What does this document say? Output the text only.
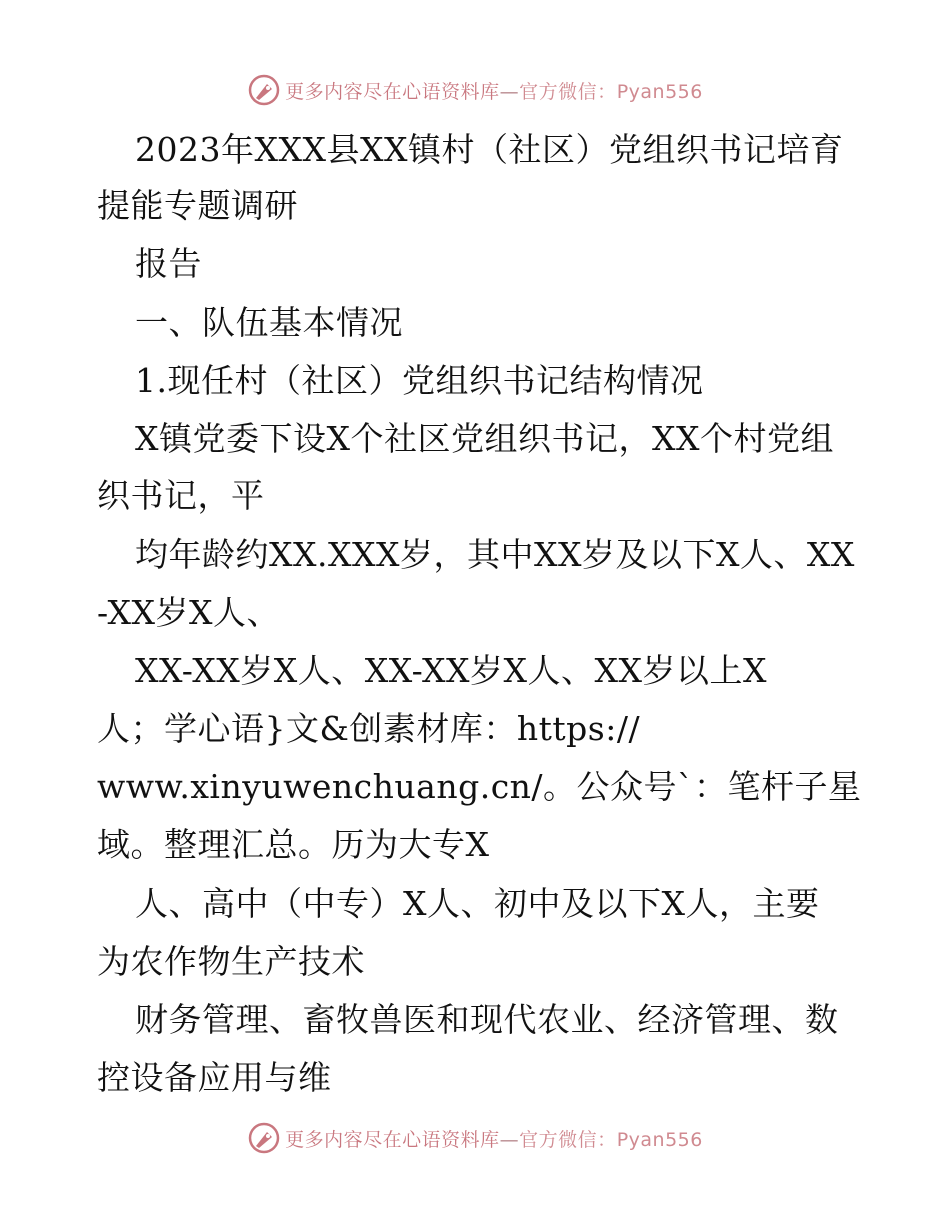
更多内容尽在心语资料库—官方微信：Pyan556
2023年XXX县XX镇村（社区）党组织书记培育
提能专题调研
报告
一、队伍基本情况
1.现任村（社区）党组织书记结构情况
X镇党委下设X个社区党组织书记，XX个村党组
织书记，平
均年龄约XX.XXX岁，其中XX岁及以下X人、XX
-XX岁X人、
XX-XX岁X人、XX-XX岁X人、XX岁以上X
人；学心语}文&创素材库：https://
www.xinyuwenchuang.cn/。公众号`：笔杆子星
域。整理汇总。历为大专X
人、高中（中专）X人、初中及以下X人，主要
为农作物生产技术
财务管理、畜牧兽医和现代农业、经济管理、数
控设备应用与维
更多内容尽在心语资料库—官方微信：Pyan556
